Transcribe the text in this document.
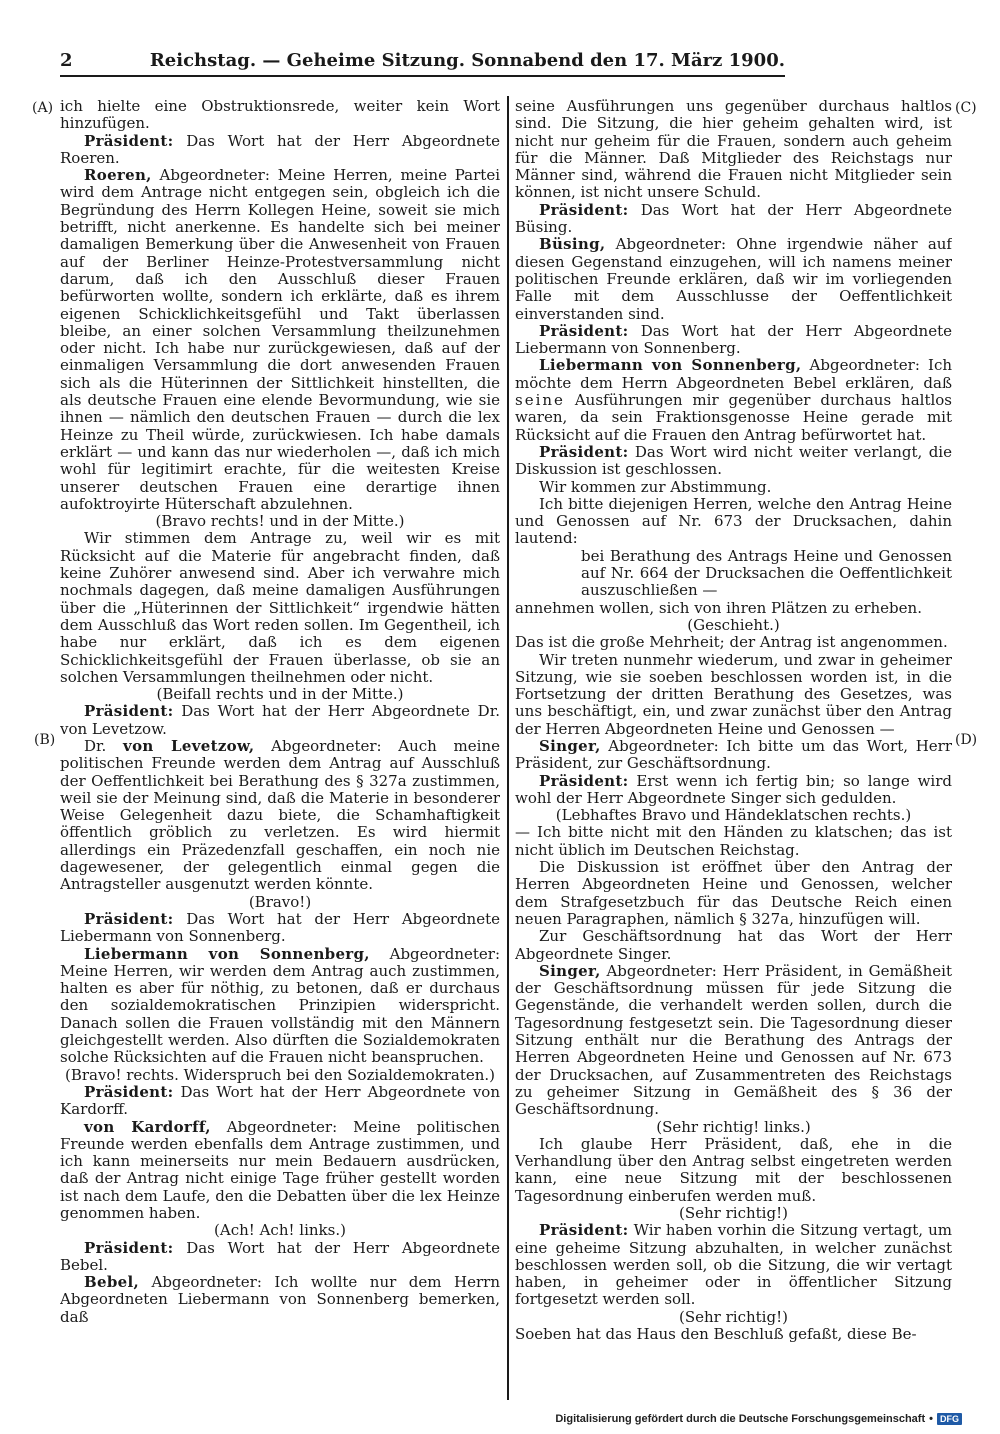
2	Reichstag. — Geheime Sitzung. Sonnabend den 17. März 1900.
(A)
(B)
(C)
(D)

ich hielte eine Obstruktionsrede, weiter kein Wort hinzufügen.

Präsident: Das Wort hat der Herr Abgeordnete Roeren.

Roeren, Abgeordneter: Meine Herren, meine Partei wird dem Antrage nicht entgegen sein, obgleich ich die Begründung des Herrn Kollegen Heine, soweit sie mich betrifft, nicht anerkenne. Es handelte sich bei meiner damaligen Bemerkung über die Anwesenheit von Frauen auf der Berliner Heinze-Protestversammlung nicht darum, daß ich den Ausschluß dieser Frauen befürworten wollte, sondern ich erklärte, daß es ihrem eigenen Schicklichkeitsgefühl und Takt überlassen bleibe, an einer solchen Versammlung theilzunehmen oder nicht. Ich habe nur zurückgewiesen, daß auf der einmaligen Versammlung die dort anwesenden Frauen sich als die Hüterinnen der Sittlichkeit hinstellten, die als deutsche Frauen eine elende Bevormundung, wie sie ihnen — nämlich den deutschen Frauen — durch die lex Heinze zu Theil würde, zurückwiesen. Ich habe damals erklärt — und kann das nur wiederholen —, daß ich mich wohl für legitimirt erachte, für die weitesten Kreise unserer deutschen Frauen eine derartige ihnen aufoktroyirte Hüterschaft abzulehnen.

(Bravo rechts! und in der Mitte.)

Wir stimmen dem Antrage zu, weil wir es mit Rücksicht auf die Materie für angebracht finden, daß keine Zuhörer anwesend sind. Aber ich verwahre mich nochmals dagegen, daß meine damaligen Ausführungen über die „Hüterinnen der Sittlichkeit“ irgendwie hätten dem Ausschluß das Wort reden sollen. Im Gegentheil, ich habe nur erklärt, daß ich es dem eigenen Schicklichkeitsgefühl der Frauen überlasse, ob sie an solchen Versammlungen theilnehmen oder nicht.

(Beifall rechts und in der Mitte.)

Präsident: Das Wort hat der Herr Abgeordnete Dr. von Levetzow.

Dr. von Levetzow, Abgeordneter: Auch meine politischen Freunde werden dem Antrag auf Ausschluß der Oeffentlichkeit bei Berathung des § 327a zustimmen, weil sie der Meinung sind, daß die Materie in besonderer Weise Gelegenheit dazu biete, die Schamhaftigkeit öffentlich gröblich zu verletzen. Es wird hiermit allerdings ein Präzedenzfall geschaffen, ein noch nie dagewesener, der gelegentlich einmal gegen die Antragsteller ausgenutzt werden könnte.

(Bravo!)

Präsident: Das Wort hat der Herr Abgeordnete Liebermann von Sonnenberg.

Liebermann von Sonnenberg, Abgeordneter: Meine Herren, wir werden dem Antrag auch zustimmen, halten es aber für nöthig, zu betonen, daß er durchaus den sozialdemokratischen Prinzipien widerspricht. Danach sollen die Frauen vollständig mit den Männern gleichgestellt werden. Also dürften die Sozialdemokraten solche Rücksichten auf die Frauen nicht beanspruchen.

(Bravo! rechts. Widerspruch bei den Sozialdemokraten.)

Präsident: Das Wort hat der Herr Abgeordnete von Kardorff.

von Kardorff, Abgeordneter: Meine politischen Freunde werden ebenfalls dem Antrage zustimmen, und ich kann meinerseits nur mein Bedauern ausdrücken, daß der Antrag nicht einige Tage früher gestellt worden ist nach dem Laufe, den die Debatten über die lex Heinze genommen haben.

(Ach! Ach! links.)

Präsident: Das Wort hat der Herr Abgeordnete Bebel.

Bebel, Abgeordneter: Ich wollte nur dem Herrn Abgeordneten Liebermann von Sonnenberg bemerken, daß

seine Ausführungen uns gegenüber durchaus haltlos sind. Die Sitzung, die hier geheim gehalten wird, ist nicht nur geheim für die Frauen, sondern auch geheim für die Männer. Daß Mitglieder des Reichstags nur Männer sind, während die Frauen nicht Mitglieder sein können, ist nicht unsere Schuld.

Präsident: Das Wort hat der Herr Abgeordnete Büsing.

Büsing, Abgeordneter: Ohne irgendwie näher auf diesen Gegenstand einzugehen, will ich namens meiner politischen Freunde erklären, daß wir im vorliegenden Falle mit dem Ausschlusse der Oeffentlichkeit einverstanden sind.

Präsident: Das Wort hat der Herr Abgeordnete Liebermann von Sonnenberg.

Liebermann von Sonnenberg, Abgeordneter: Ich möchte dem Herrn Abgeordneten Bebel erklären, daß seine Ausführungen mir gegenüber durchaus haltlos waren, da sein Fraktionsgenosse Heine gerade mit Rücksicht auf die Frauen den Antrag befürwortet hat.

Präsident: Das Wort wird nicht weiter verlangt, die Diskussion ist geschlossen.

Wir kommen zur Abstimmung.

Ich bitte diejenigen Herren, welche den Antrag Heine und Genossen auf Nr. 673 der Drucksachen, dahin lautend:

bei Berathung des Antrags Heine und Genossen auf Nr. 664 der Drucksachen die Oeffentlichkeit auszuschließen —

annehmen wollen, sich von ihren Plätzen zu erheben.

(Geschieht.)

Das ist die große Mehrheit; der Antrag ist angenommen.

Wir treten nunmehr wiederum, und zwar in geheimer Sitzung, wie sie soeben beschlossen worden ist, in die Fortsetzung der dritten Berathung des Gesetzes, was uns beschäftigt, ein, und zwar zunächst über den Antrag der Herren Abgeordneten Heine und Genossen —

Singer, Abgeordneter: Ich bitte um das Wort, Herr Präsident, zur Geschäftsordnung.

Präsident: Erst wenn ich fertig bin; so lange wird wohl der Herr Abgeordnete Singer sich gedulden.

(Lebhaftes Bravo und Händeklatschen rechts.)

— Ich bitte nicht mit den Händen zu klatschen; das ist nicht üblich im Deutschen Reichstag.

Die Diskussion ist eröffnet über den Antrag der Herren Abgeordneten Heine und Genossen, welcher dem Strafgesetzbuch für das Deutsche Reich einen neuen Paragraphen, nämlich § 327a, hinzufügen will.

Zur Geschäftsordnung hat das Wort der Herr Abgeordnete Singer.

Singer, Abgeordneter: Herr Präsident, in Gemäßheit der Geschäftsordnung müssen für jede Sitzung die Gegenstände, die verhandelt werden sollen, durch die Tagesordnung festgesetzt sein. Die Tagesordnung dieser Sitzung enthält nur die Berathung des Antrags der Herren Abgeordneten Heine und Genossen auf Nr. 673 der Drucksachen, auf Zusammentreten des Reichstags zu geheimer Sitzung in Gemäßheit des § 36 der Geschäftsordnung.

(Sehr richtig! links.)

Ich glaube Herr Präsident, daß, ehe in die Verhandlung über den Antrag selbst eingetreten werden kann, eine neue Sitzung mit der beschlossenen Tagesordnung einberufen werden muß.

(Sehr richtig!)

Präsident: Wir haben vorhin die Sitzung vertagt, um eine geheime Sitzung abzuhalten, in welcher zunächst beschlossen werden soll, ob die Sitzung, die wir vertagt haben, in geheimer oder in öffentlicher Sitzung fortgesetzt werden soll.

(Sehr richtig!)

Soeben hat das Haus den Beschluß gefaßt, diese Be-

Digitalisierung gefördert durch die Deutsche Forschungsgemeinschaft • DFG
